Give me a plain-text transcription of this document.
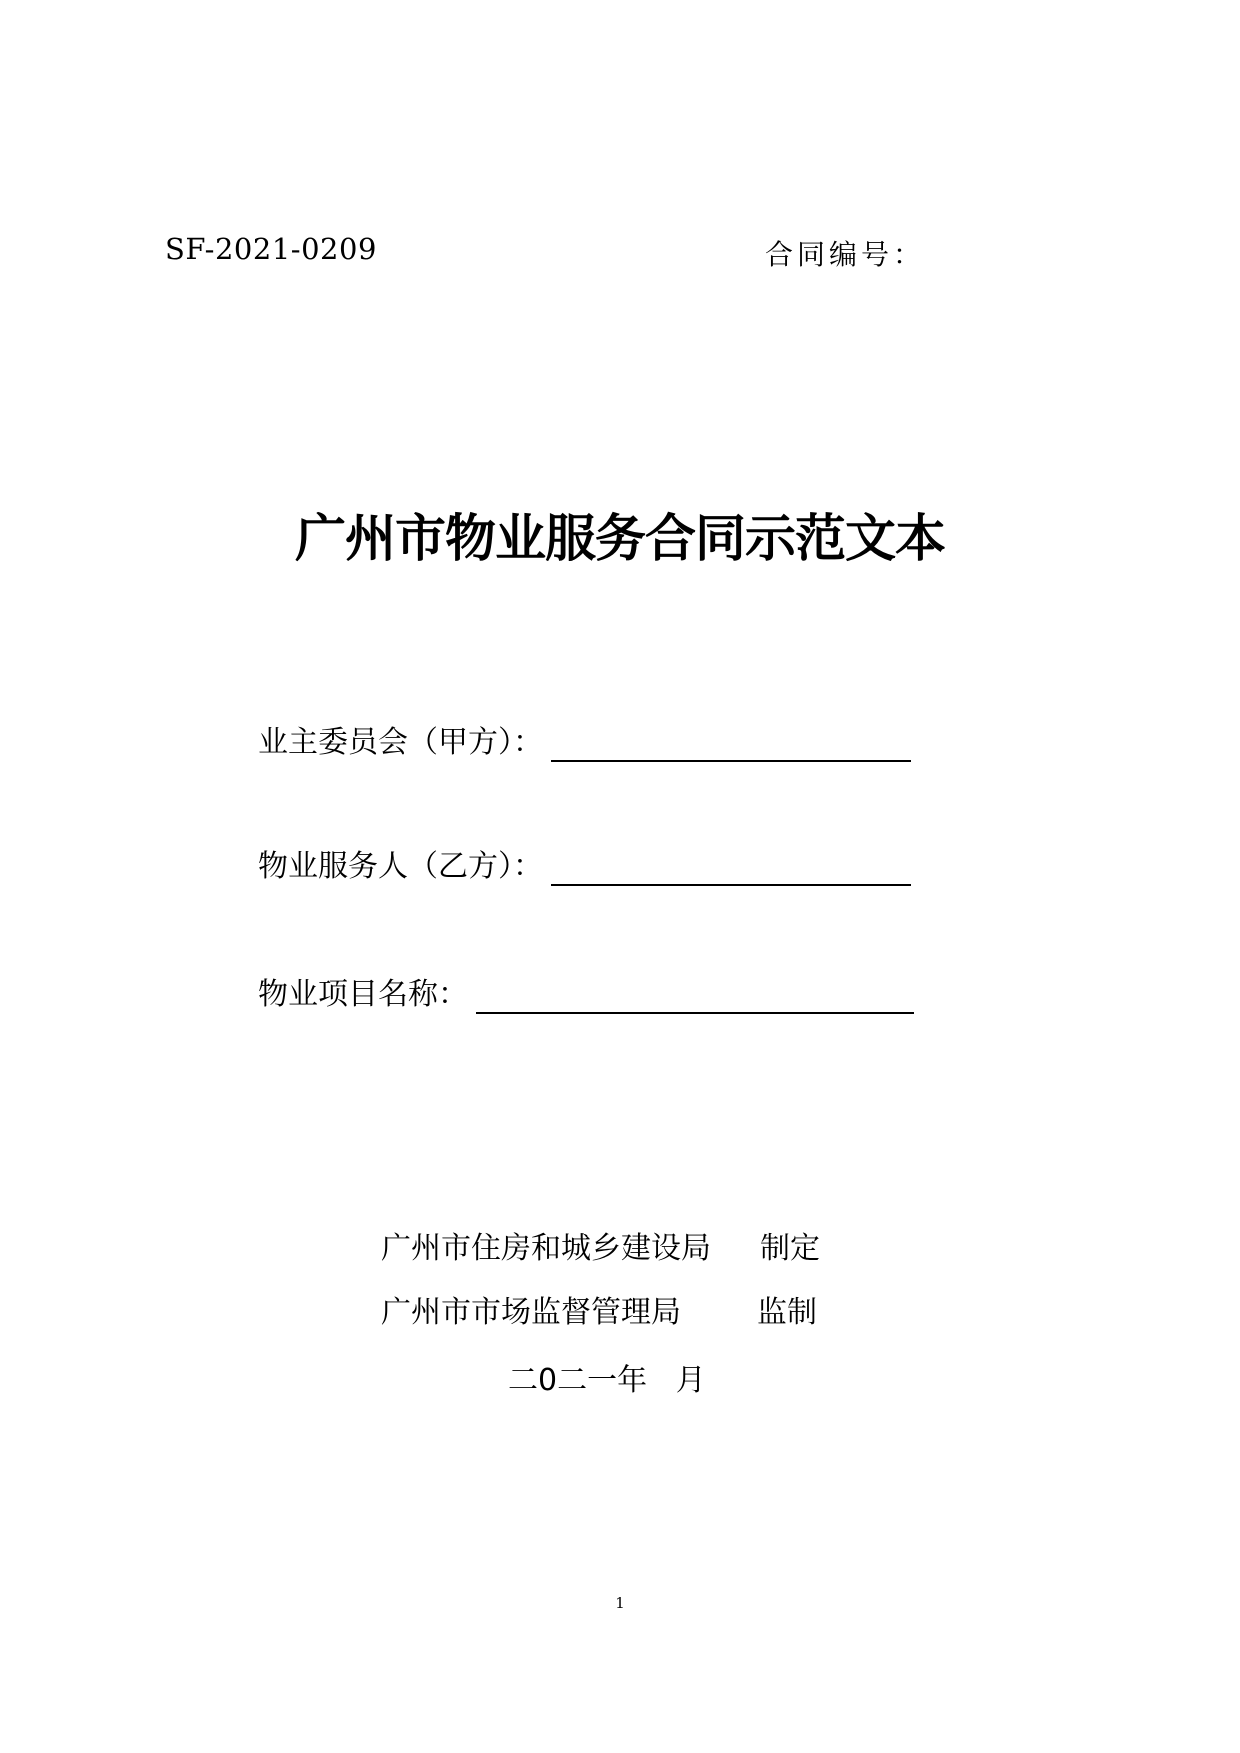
SF-2021-0209	合同编号：
广州市物业服务合同示范文本
业主委员会（甲方）：
物业服务人（乙方）：
物业项目名称：
广州市住房和城乡建设局 制定
广州市市场监督管理局	监制
二0二一年   月
1
